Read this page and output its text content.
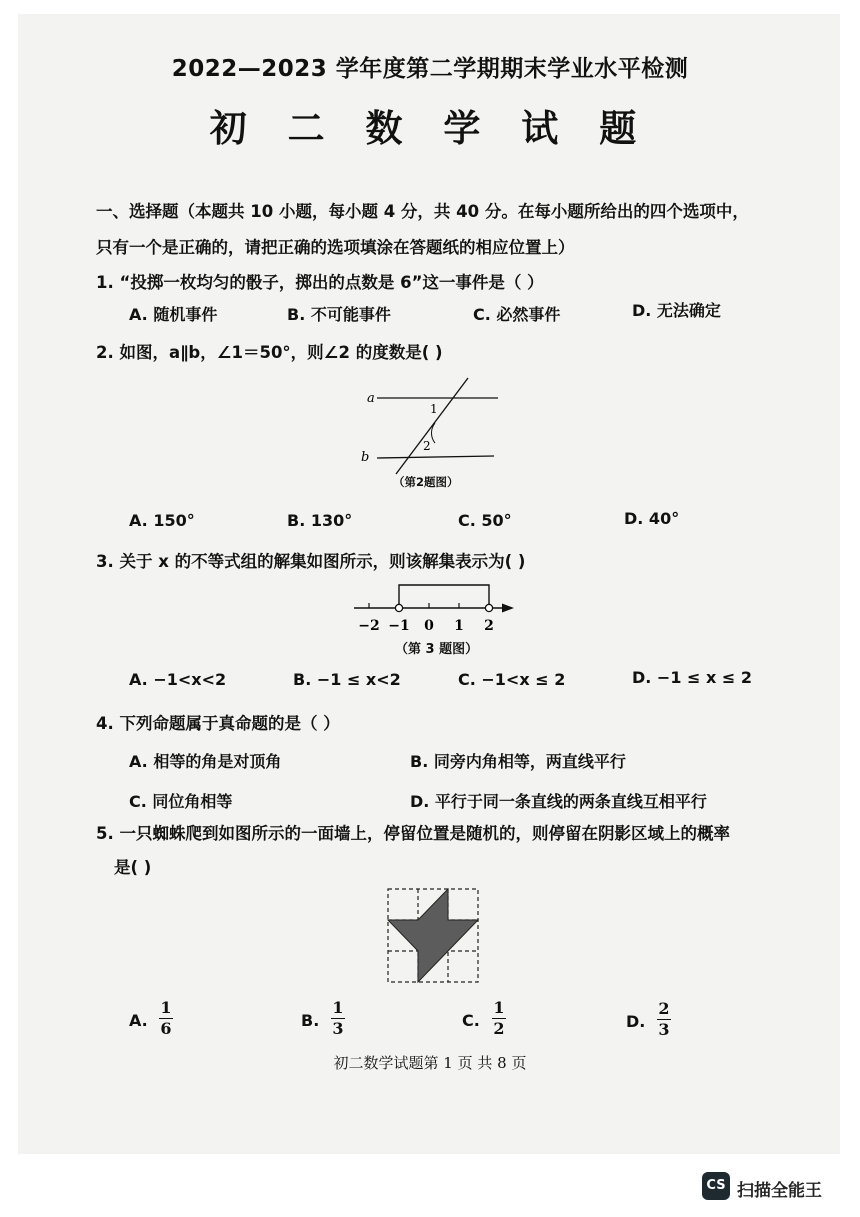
2022—2023 学年度第二学期期末学业水平检测
初 二 数 学 试 题
一、选择题（本题共 10 小题，每小题 4 分，共 40 分。在每小题所给出的四个选项中，
只有一个是正确的，请把正确的选项填涂在答题纸的相应位置上）
1. “投掷一枚均匀的骰子，掷出的点数是 6”这一事件是（ ）
A. 随机事件	B. 不可能事件	C. 必然事件	D. 无法确定
2. 如图，a∥b，∠1＝50°，则∠2 的度数是( )
a
b
1
2
（第2题图）
A. 150°	B. 130°	C. 50°	D. 40°
3. 关于 x 的不等式组的解集如图所示，则该解集表示为( )
−2 −1 0 1 2
（第 3 题图）
A. −1<x<2	B. −1 ≤ x<2	C. −1<x ≤ 2	D. −1 ≤ x ≤ 2
4. 下列命题属于真命题的是（ ）
A. 相等的角是对顶角	B. 同旁内角相等，两直线平行
C. 同位角相等	D. 平行于同一条直线的两条直线互相平行
5. 一只蜘蛛爬到如图所示的一面墙上，停留位置是随机的，则停留在阴影区域上的概率
是( )
A.
1
6	B.
1
3	C.
1
2	D.
2
3
初二数学试题第 1 页 共 8 页
CS 扫描全能王
